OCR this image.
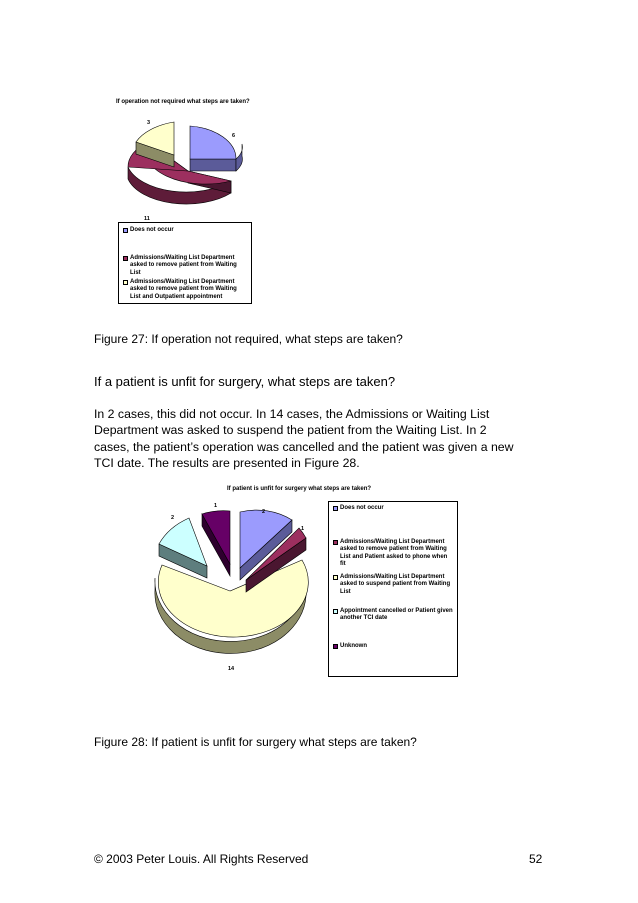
If operation not required what steps are taken?
6
3
11
Does not occur
Admissions/Waiting List Department asked to remove patient from Waiting List
Admissions/Waiting List Department asked to remove patient from Waiting List and Outpatient appointment
Figure 27: If operation not required, what steps are taken?
If a patient is unfit for surgery, what steps are taken?
In 2 cases, this did not occur. In 14 cases, the Admissions or Waiting List
Department was asked to suspend the patient from the Waiting List. In 2
cases, the patient’s operation was cancelled and the patient was given a new
TCI date. The results are presented in Figure 28.
If patient is unfit for surgery what steps are taken?
1
2
1
2
14
Does not occur
Admissions/Waiting List Department asked to remove patient from Waiting List and Patient asked to phone when fit
Admissions/Waiting List Department asked to suspend patient from Waiting List
Appointment cancelled or Patient given another TCI date
Unknown
Figure 28: If patient is unfit for surgery what steps are taken?
© 2003 Peter Louis. All Rights Reserved	52
